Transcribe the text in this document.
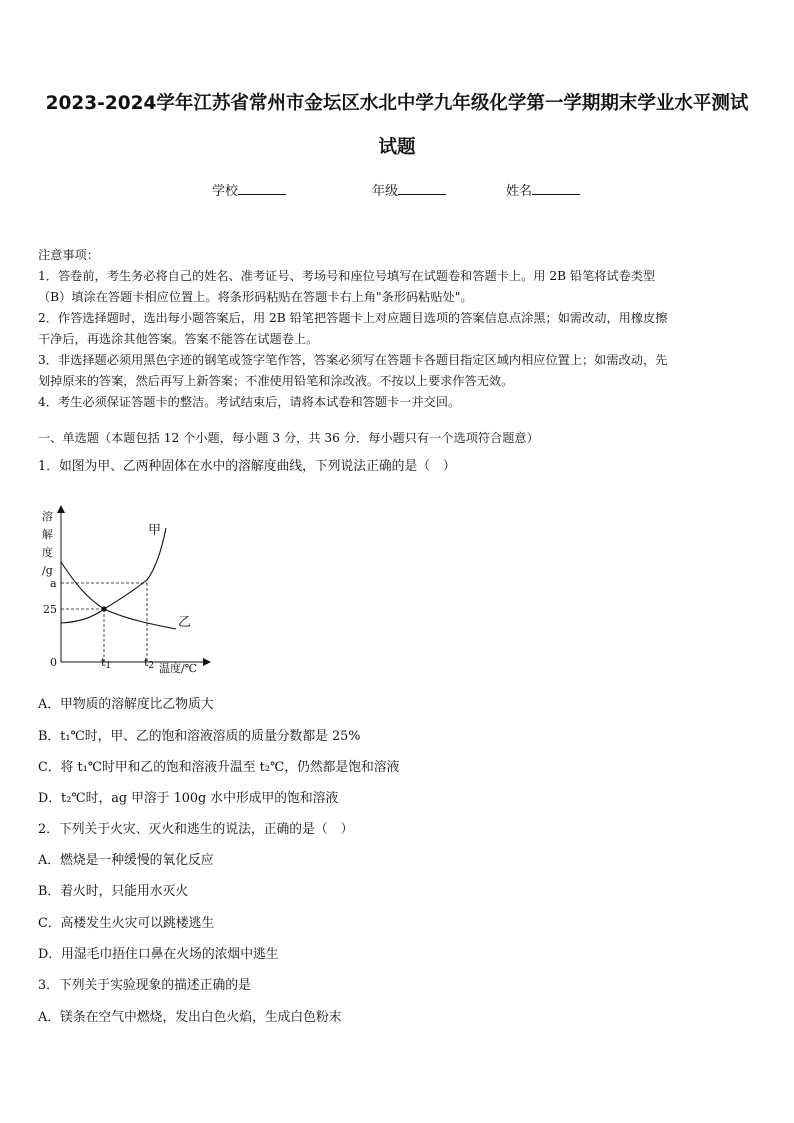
2023-2024学年江苏省常州市金坛区水北中学九年级化学第一学期期末学业水平测试
试题
学校	年级	姓名
注意事项：
1．答卷前，考生务必将自己的姓名、准考证号、考场号和座位号填写在试题卷和答题卡上。用 2B 铅笔将试卷类型
（B）填涂在答题卡相应位置上。将条形码粘贴在答题卡右上角"条形码粘贴处"。
2．作答选择题时，选出每小题答案后，用 2B 铅笔把答题卡上对应题目选项的答案信息点涂黑；如需改动，用橡皮擦
干净后，再选涂其他答案。答案不能答在试题卷上。
3．非选择题必须用黑色字迹的钢笔或签字笔作答，答案必须写在答题卡各题目指定区域内相应位置上；如需改动，先
划掉原来的答案，然后再写上新答案；不准使用铅笔和涂改液。不按以上要求作答无效。
4．考生必须保证答题卡的整洁。考试结束后，请将本试卷和答题卡一并交回。
一、单选题（本题包括 12 个小题，每小题 3 分，共 36 分．每小题只有一个选项符合题意）
1．如图为甲、乙两种固体在水中的溶解度曲线，下列说法正确的是（　）
溶
解
度
/g
a
25
0	t1	t2 温度/℃
甲
乙
A．甲物质的溶解度比乙物质大
B．t₁℃时，甲、乙的饱和溶液溶质的质量分数都是 25%
C．将 t₁℃时甲和乙的饱和溶液升温至 t₂℃，仍然都是饱和溶液
D．t₂℃时，ag 甲溶于 100g 水中形成甲的饱和溶液
2．下列关于火灾、灭火和逃生的说法，正确的是（　）
A．燃烧是一种缓慢的氧化反应
B．着火时，只能用水灭火
C．高楼发生火灾可以跳楼逃生
D．用湿毛巾捂住口鼻在火场的浓烟中逃生
3．下列关于实验现象的描述正确的是
A．镁条在空气中燃烧，发出白色火焰，生成白色粉末
